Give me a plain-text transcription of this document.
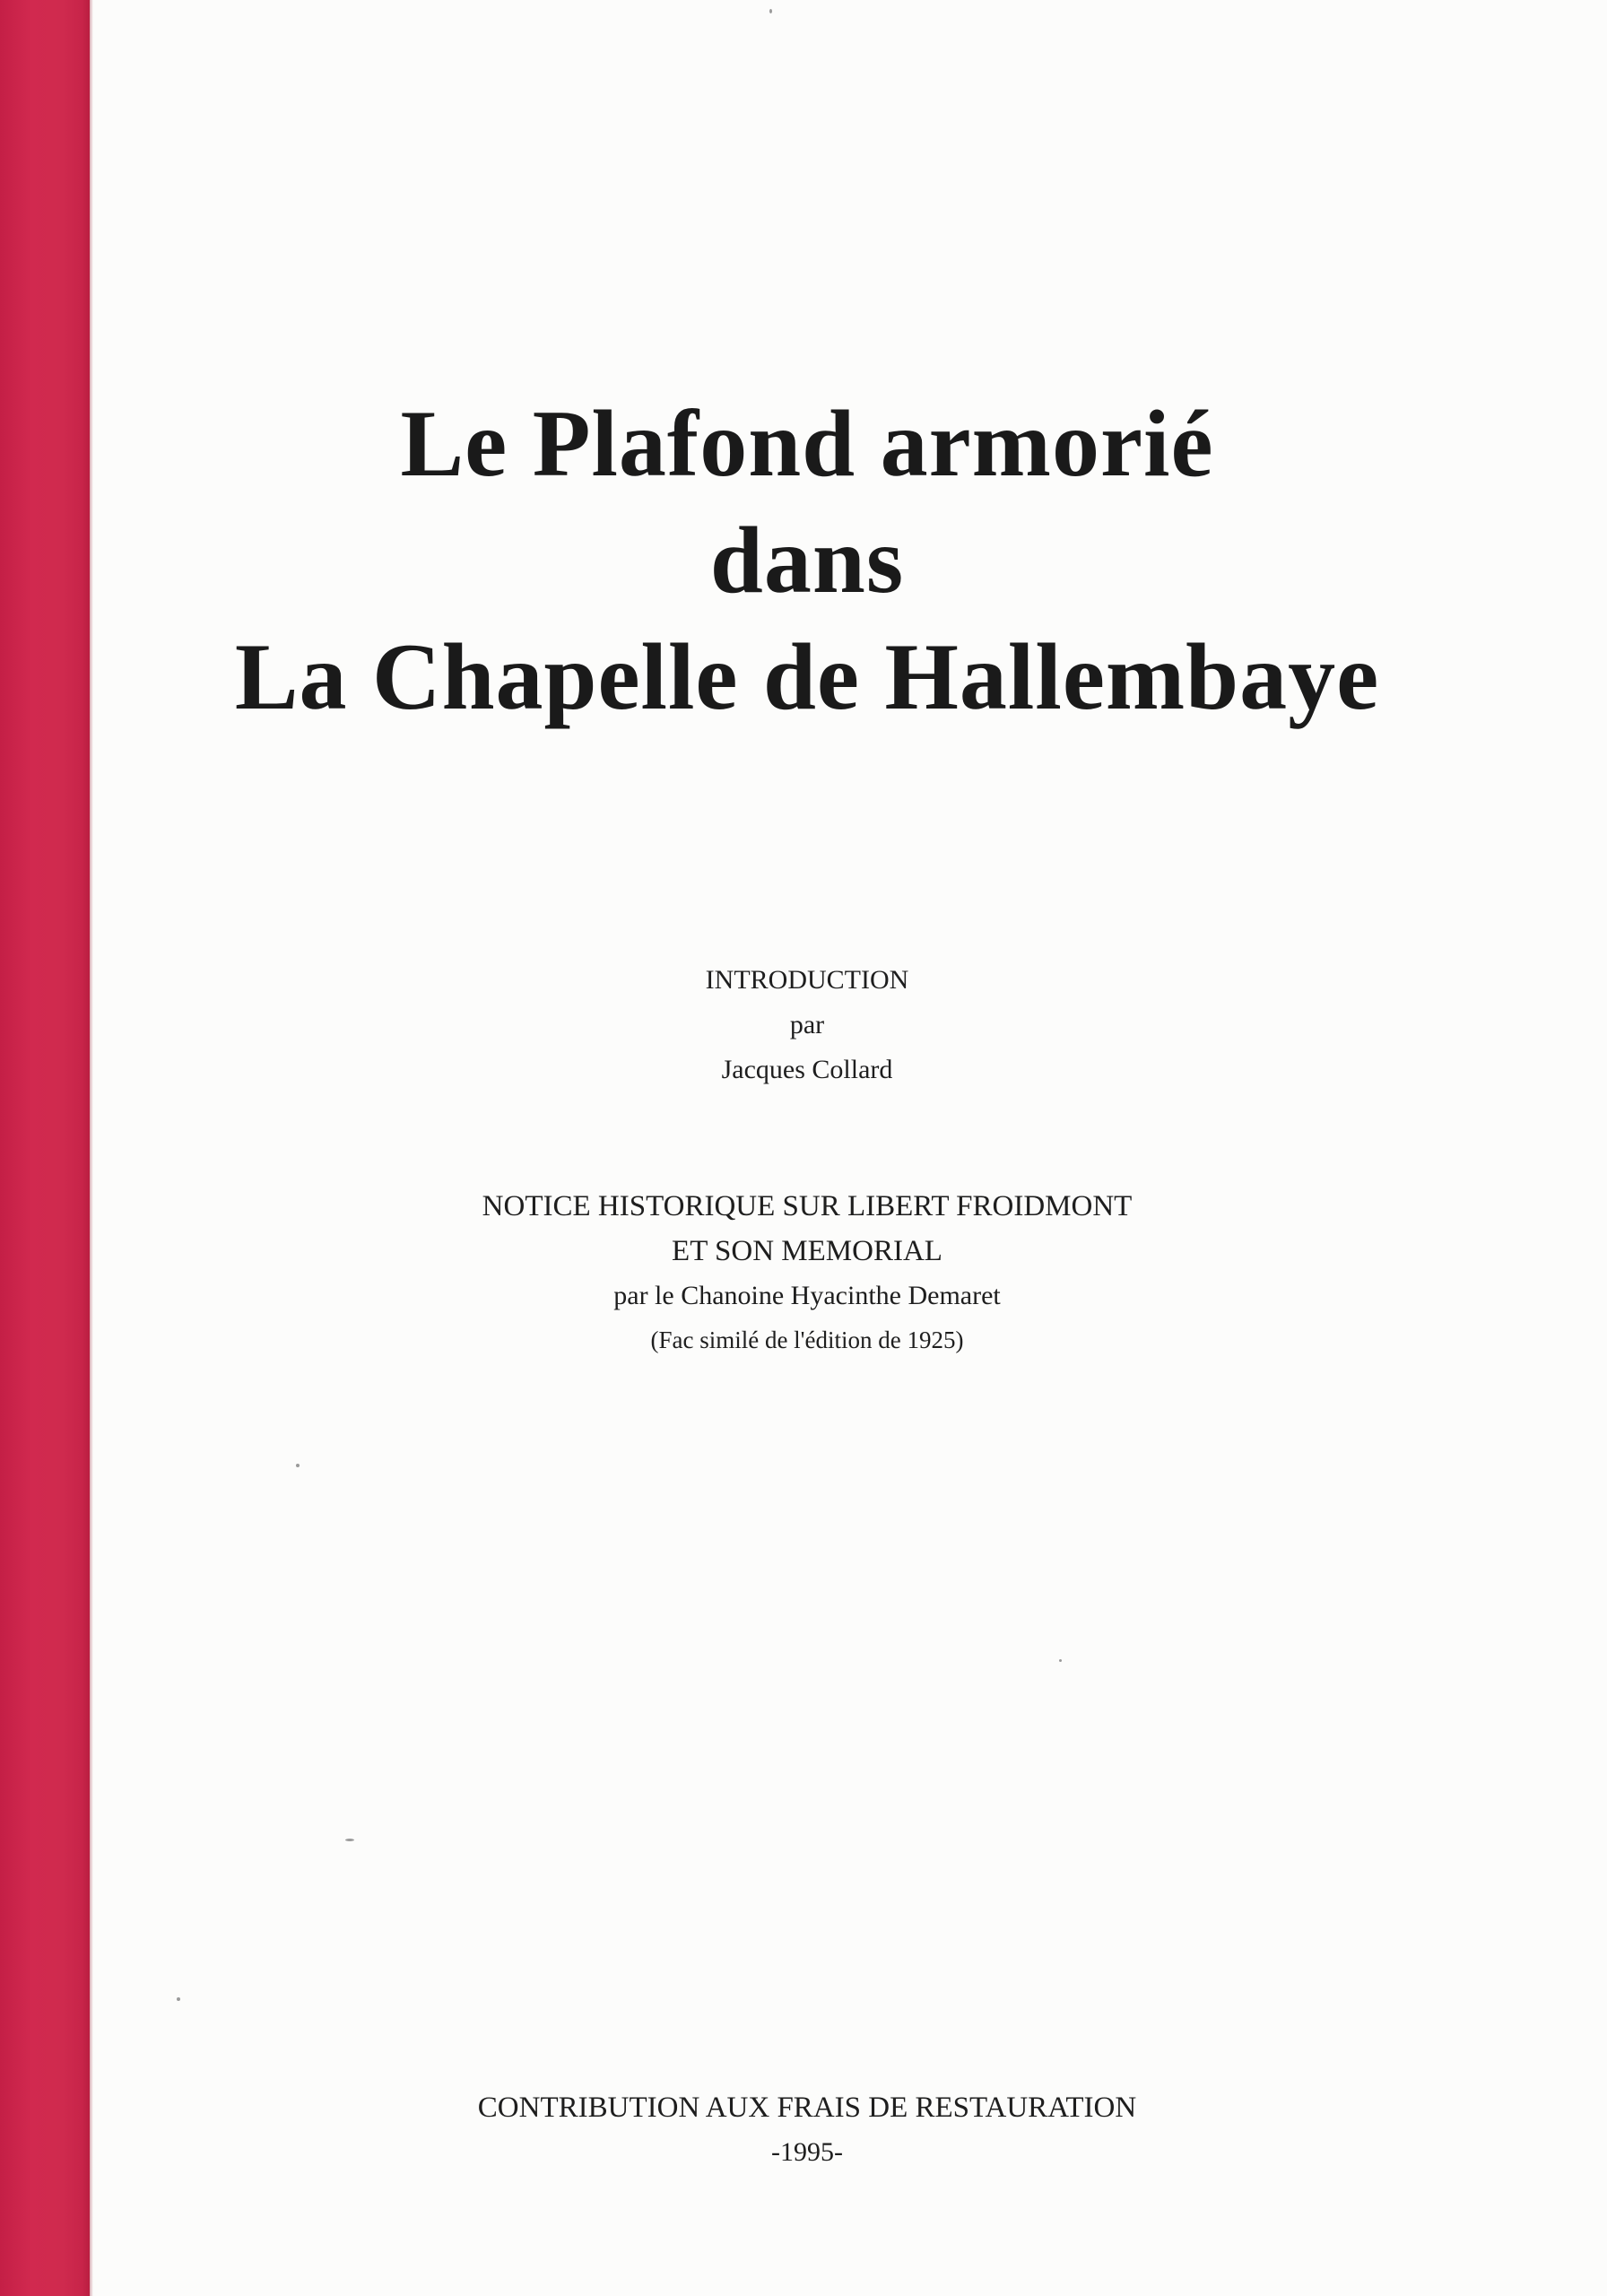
Le Plafond armorié
dans
La Chapelle de Hallembaye
INTRODUCTION
par
Jacques Collard
NOTICE HISTORIQUE SUR LIBERT FROIDMONT
ET SON MEMORIAL
par le Chanoine Hyacinthe Demaret
(Fac similé de l'édition de 1925)
CONTRIBUTION AUX FRAIS DE RESTAURATION
-1995-
